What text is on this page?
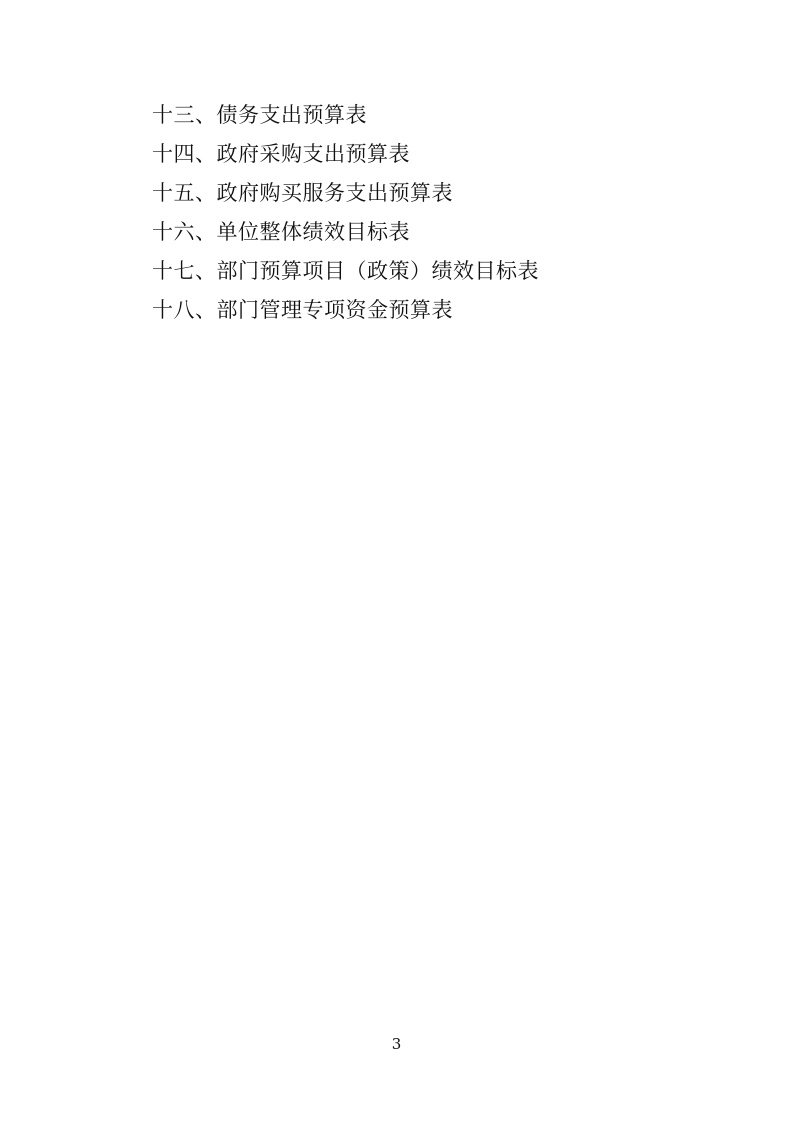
十三、债务支出预算表
十四、政府采购支出预算表
十五、政府购买服务支出预算表
十六、单位整体绩效目标表
十七、部门预算项目（政策）绩效目标表
十八、部门管理专项资金预算表
3
